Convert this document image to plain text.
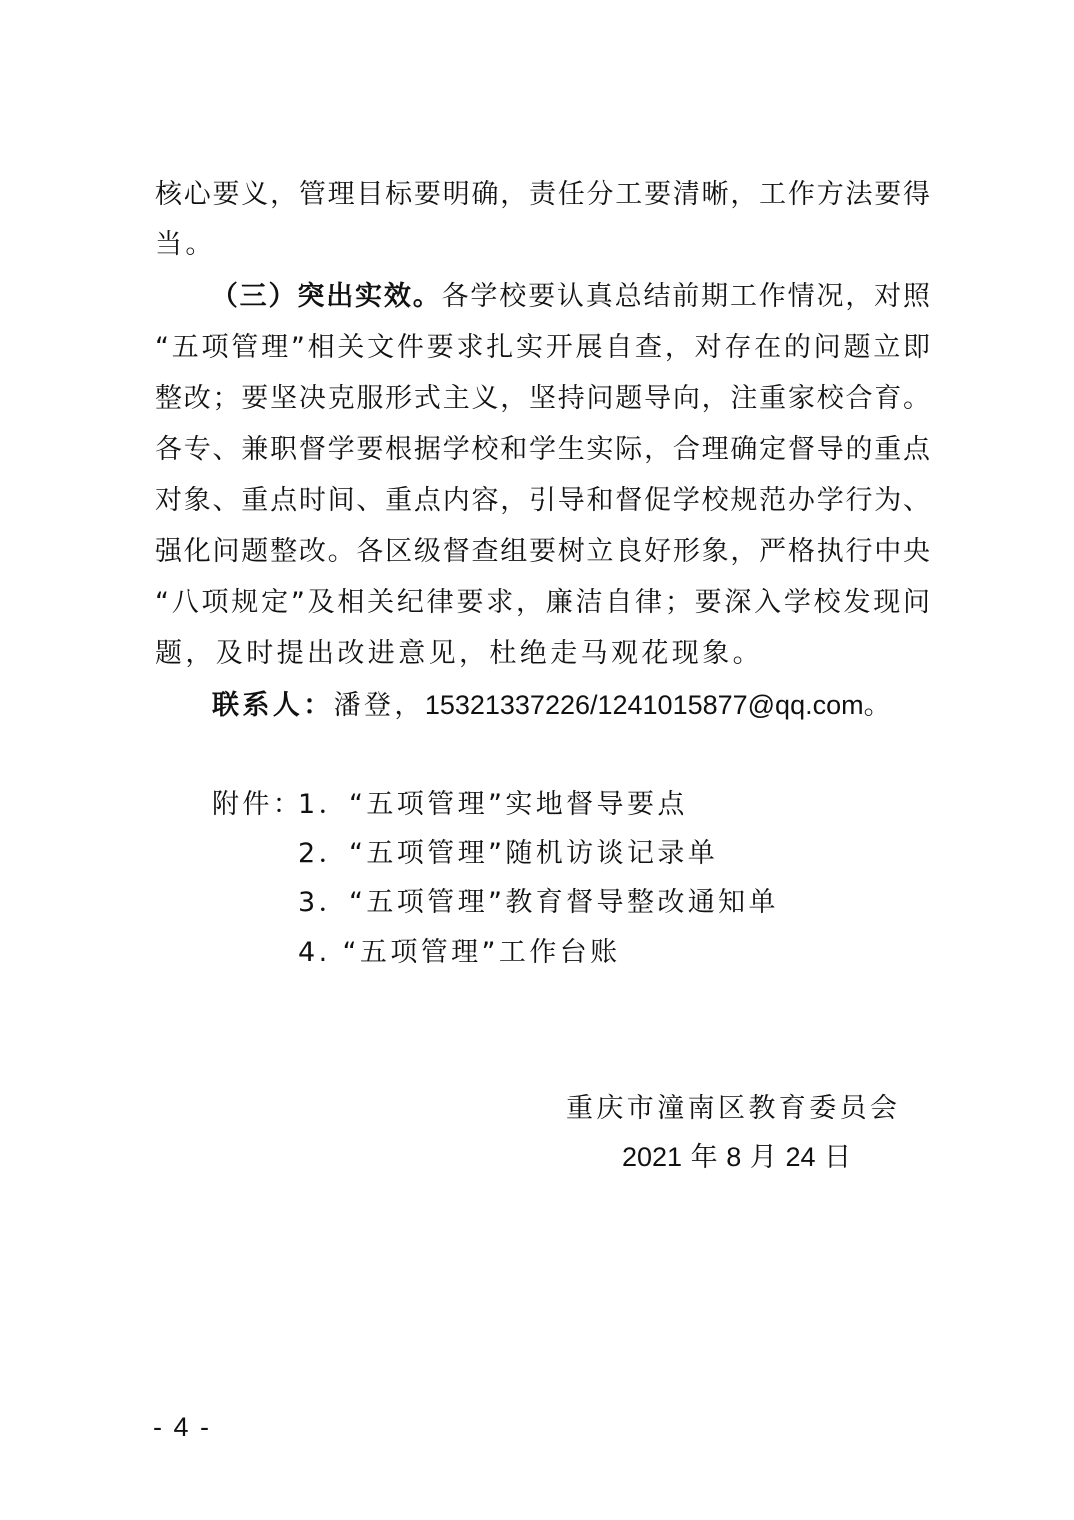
核心要义，管理目标要明确，责任分工要清晰，工作方法要得

当。

（三）突出实效。各学校要认真总结前期工作情况，对照

“五项管理”相关文件要求扎实开展自查，对存在的问题立即

整改；要坚决克服形式主义，坚持问题导向，注重家校合育。

各专、兼职督学要根据学校和学生实际，合理确定督导的重点

对象、重点时间、重点内容，引导和督促学校规范办学行为、

强化问题整改。各区级督查组要树立良好形象，严格执行中央

“八项规定”及相关纪律要求，廉洁自律；要深入学校发现问

题，及时提出改进意见，杜绝走马观花现象。

联系人：潘登，15321337226/1241015877@qq.com。

附件：

1．“五项管理”实地督导要点

2．“五项管理”随机访谈记录单

3．“五项管理”教育督导整改通知单

4. “五项管理”工作台账

重庆市潼南区教育委员会

2021 年 8 月 24 日

- 4 -
